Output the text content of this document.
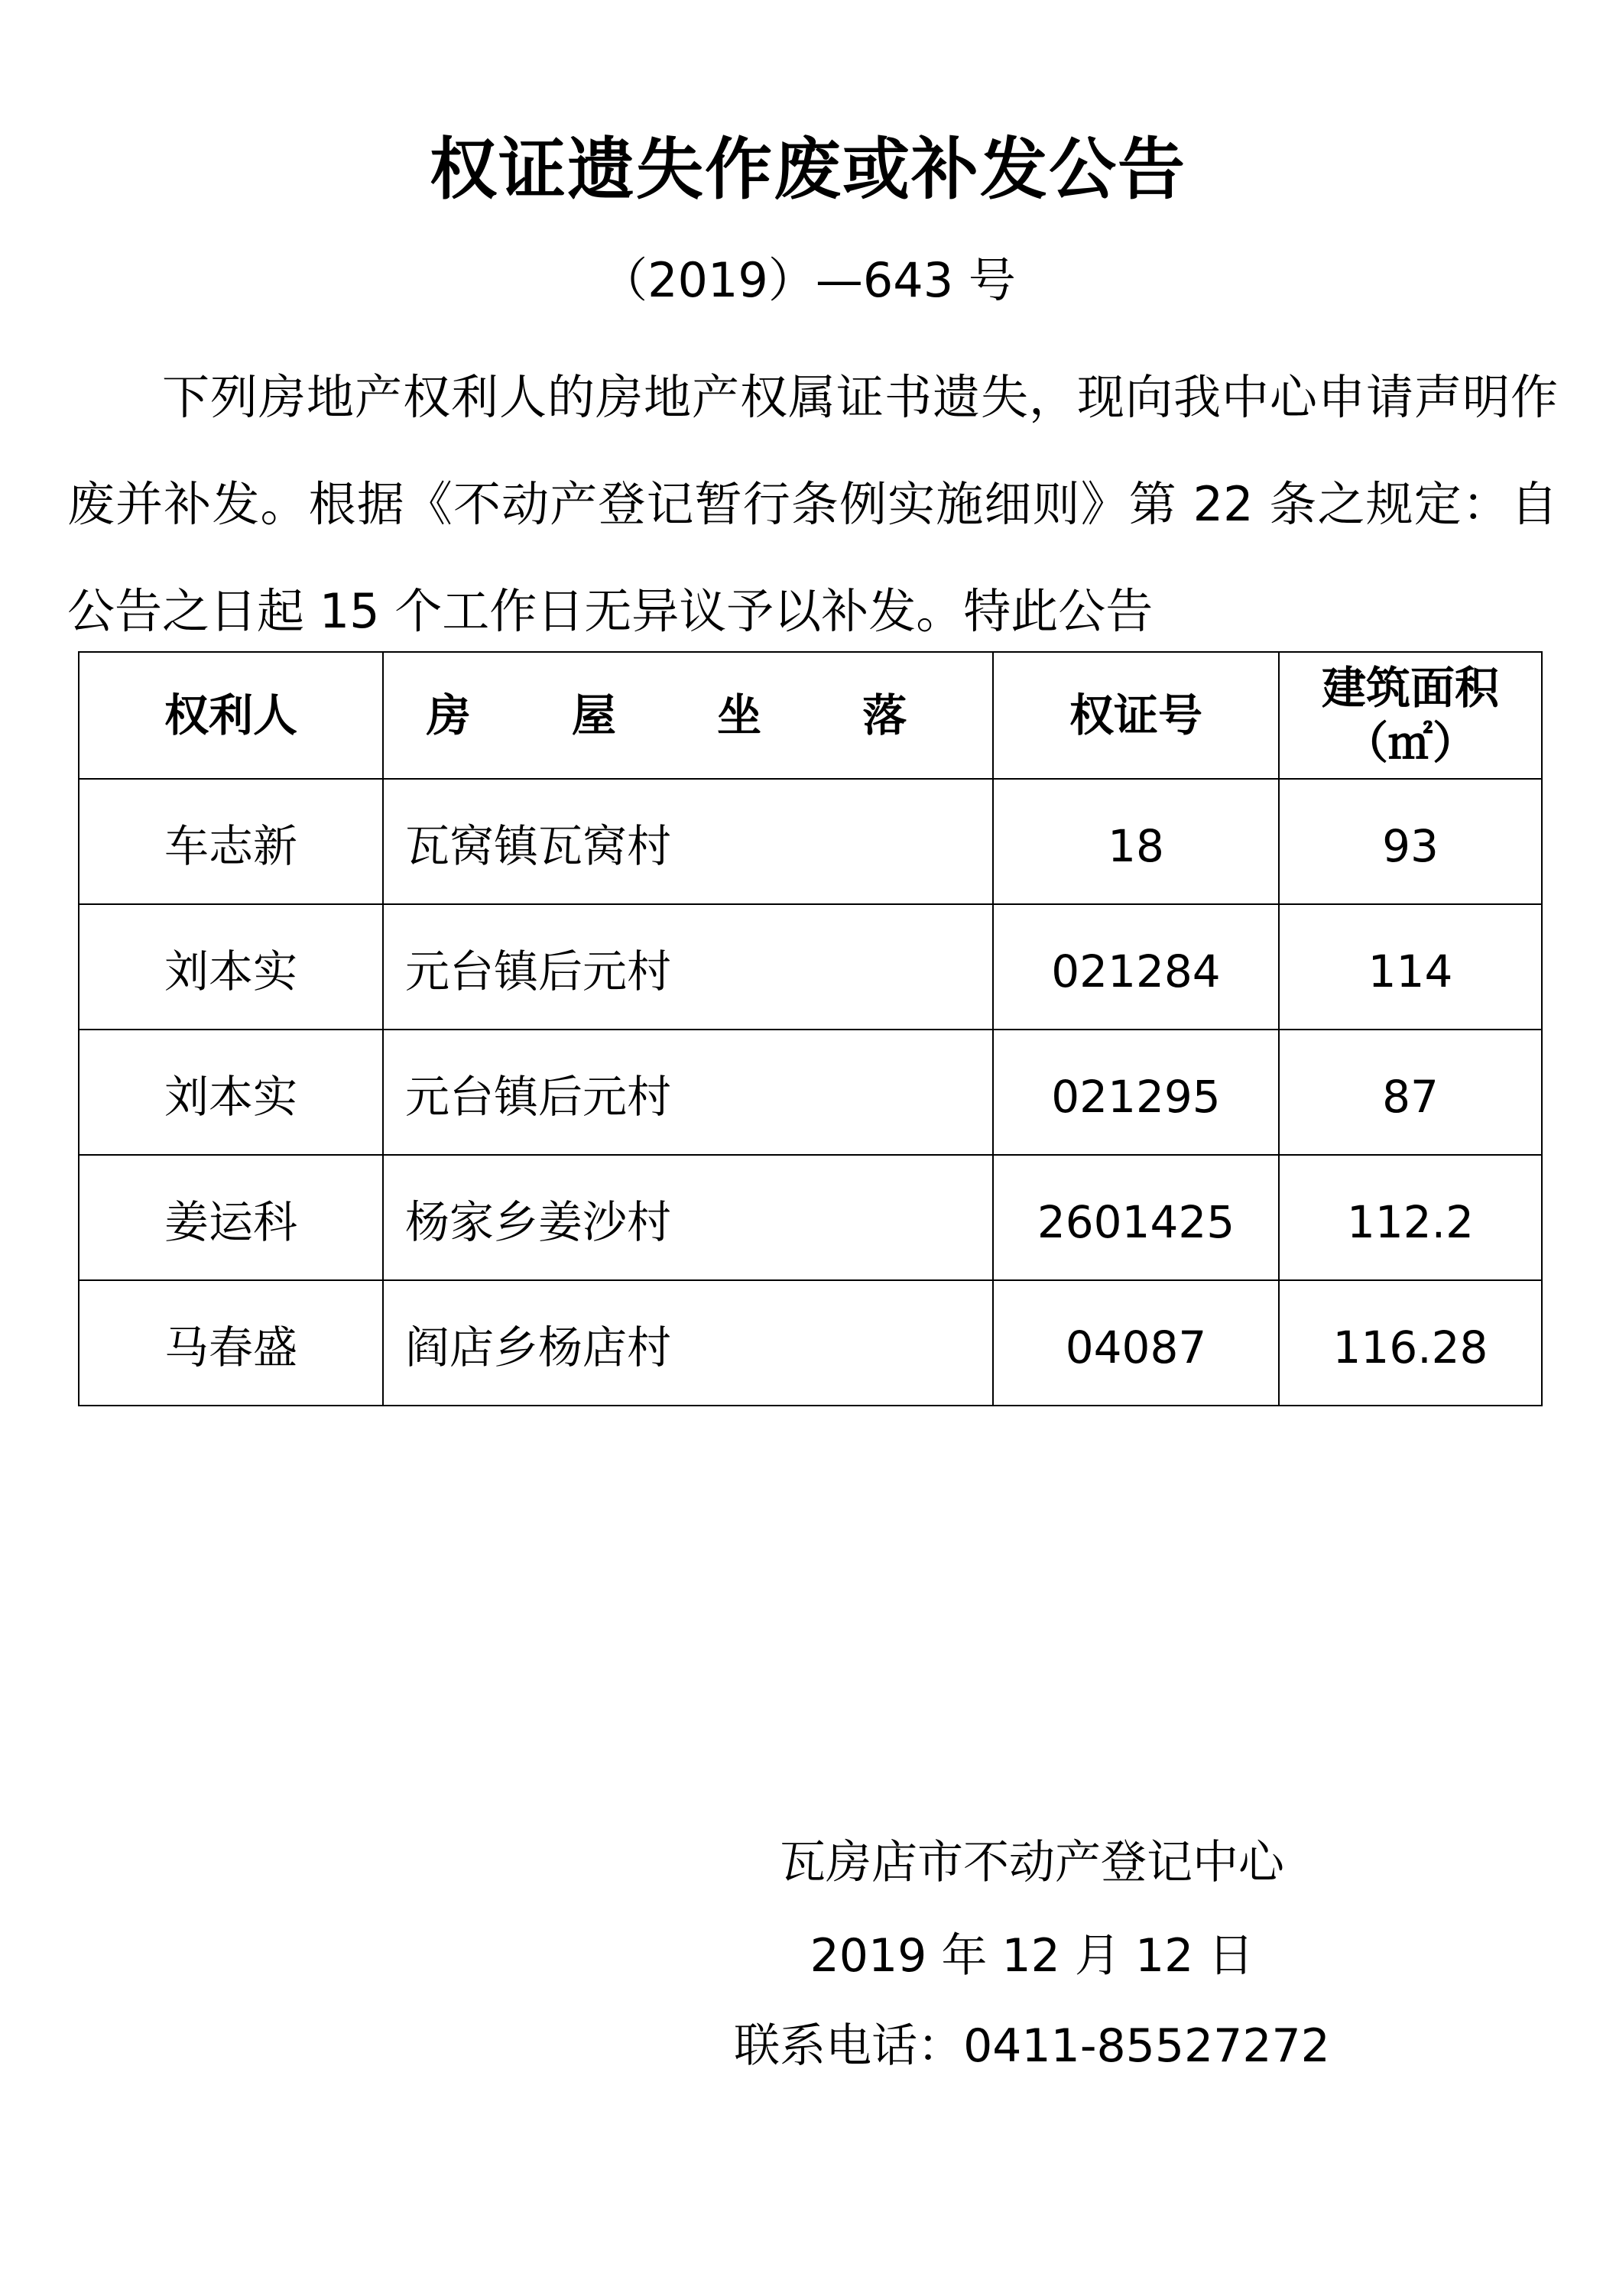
权证遗失作废或补发公告
（2019）—643 号
下列房地产权利人的房地产权属证书遗失，现向我中心申请声明作废并补发。根据《不动产登记暂行条例实施细则》第 22 条之规定：自公告之日起 15 个工作日无异议予以补发。特此公告
权利人	房 屋 坐 落	权证号	建筑面积
（㎡）

车志新	瓦窝镇瓦窝村	18	93
刘本实	元台镇后元村	021284	114
刘本实	元台镇后元村	021295	87
姜运科	杨家乡姜沙村	2601425	112.2
马春盛	阎店乡杨店村	04087	116.28
瓦房店市不动产登记中心
2019 年 12 月 12 日
联系电话：0411-85527272
